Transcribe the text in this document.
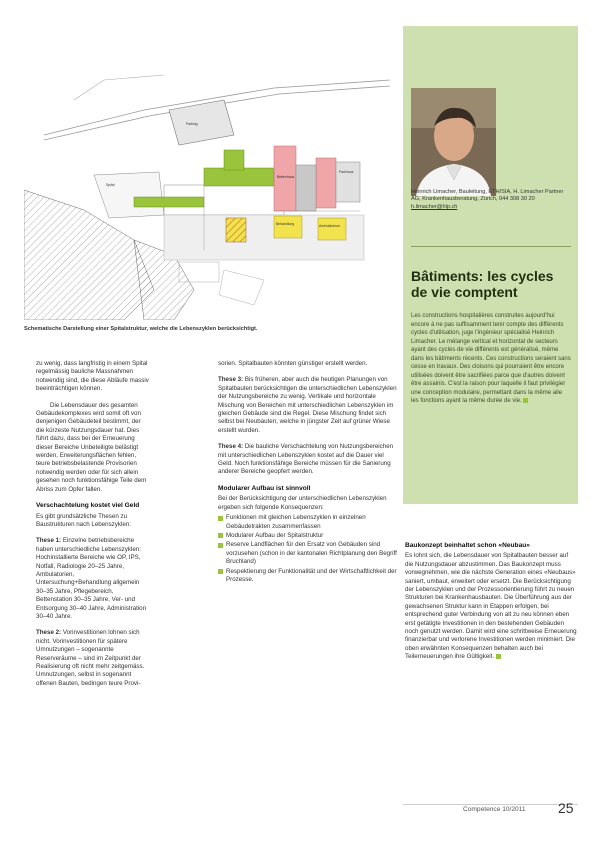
Parking
Spital
Parkhaus
Bettenhaus
Behandlung	Ambulatorium
Schematische Darstellung einer Spitalstruktur, welche die Lebenszyklen berücksichtigt.
Heinrich Limacher, Bauleitung, ETH/SIA, H. Limacher Partner AG, Krankenhausberatung, Zürich, 044 308 30 20
h.limacher@hlp.ch
Bâtiments: les cycles de vie comptent
Les constructions hospitalières construites aujourd'hui encore à ne pas suffisamment tenir compte des différents cycles d'utilisation, juge l'ingénieur spécialisé Heinrich Limacher. Le mélange vertical et horizontal de secteurs ayant des cycles de vie différents est généralisé, même dans les bâtiments récents. Ces constructions seraient sans cesse en travaux. Des cloisons qui pourraient être encore utilisées doivent être sacrifiées parce que d'autres doivent être assainis. C'est la raison pour laquelle il faut privilégier une conception modulaire, permettant dans la même aile les fonctions ayant la même durée de vie.

zu wenig, dass langfristig in einem Spital regelmässig bauliche Massnahmen notwendig sind, die diese Abläufe massiv beeinträchtigen können.

Die Lebensdauer des gesamten Gebäudekomplexes wird somit oft von denjenigen Gebäudeteil bestimmt, der die kürzeste Nutzungsdauer hat. Dies führt dazu, dass bei der Erneuerung dieser Bereiche Unbeteiligte belästigt werden, Erweiterungsflächen fehlen, teure betriebsbelastende Provisorien notwendig werden oder für sich allein gesehen noch funktionsfähige Teile dem Abriss zum Opfer fallen.

Verschachtelung kostet viel Geld

Es gibt grundsätzliche Thesen zu Baustrukturen nach Lebenszyklen:

These 1: Einzelne betriebsbereiche haben unterschiedliche Lebenszyklen: Hochinstallierte Bereiche wie OP, IPS, Notfall, Radiologie 20–25 Jahre, Ambulatorien, Untersuchung+Behandlung allgemein 30–35 Jahre, Pflegebereich, Bettenstation 30–35 Jahre, Ver- und Entsorgung 30–40 Jahre, Administration 30–40 Jahre.

These 2: Vorinvestitionen lohnen sich nicht. Vorinvestitionen für spätere Umnutzungen – sogenannte Reserveräume – sind im Zeitpunkt der Realisierung oft nicht mehr zeitgemäss. Umnutzungen, selbst in sogenannt offenen Bauten, bedingen teure Provi-

sorien. Spitalbauten könnten günstiger erstellt werden.

These 3: Bis früheren, aber auch die heutigen Planungen von Spitalbauten berücksichtigen die unterschiedlichen Lebenszyklen der Nutzungsbereiche zu wenig. Vertikale und horizontale Mischung von Bereichen mit unterschiedlichen Lebenszyklen im gleichen Gebäude sind die Regel. Diese Mischung findet sich selbst bei Neubauten, welche in jüngster Zeit auf grüner Wiese erstellt wurden.

These 4: Die bauliche Verschachtelung von Nutzungsbereichen mit unterschiedlichen Lebenszyklen kostet auf die Dauer viel Geld. Noch funktionsfähige Bereiche müssen für die Sanierung anderer Bereiche geopfert werden.

Modularer Aufbau ist sinnvoll

Bei der Berücksichtigung der unterschiedlichen Lebenszyklen ergeben sich folgende Konsequenzen:

Funktionen mit gleichen Lebenszyklen in einzelnen Gebäudetrakten zusammenfassen
Modularer Aufbau der Spitalstruktur
Reserve Landflächen für den Ersatz von Gebäuden sind vorzusehen (schon in der kantonalen Richtplanung den Begriff Bruchland)
Respektierung der Funktionalität und der Wirtschaftlichkeit der Prozesse.
Baukonzept beinhaltet schon «Neubau»

Es lohnt sich, die Lebensdauer von Spitalbauten besser auf die Nutzungsdauer abzustimmen. Das Baukonzept muss vorwegnehmen, wie die nächste Generation eines «Neubaus» saniert, umbaut, erweitert oder ersetzt. Die Berücksichtigung der Lebenszyklen und der Prozessorientierung führt zu neuen Strukturen bei Krankenhausbauten. Die Überführung aus der gewachsenen Struktur kann in Etappen erfolgen, bei entsprechend guter Verbindung von alt zu neu können eben erst getätigte Investitionen in den bestehenden Gebäuden noch genutzt werden. Damit wird eine schrittweise Erneuerung finanzierbar und verlorene Investitionen werden minimiert. Die oben erwähnten Konsequenzen behalten auch bei Teilerneuerungen ihre Gültigkeit.

Competence 10/2011 25
